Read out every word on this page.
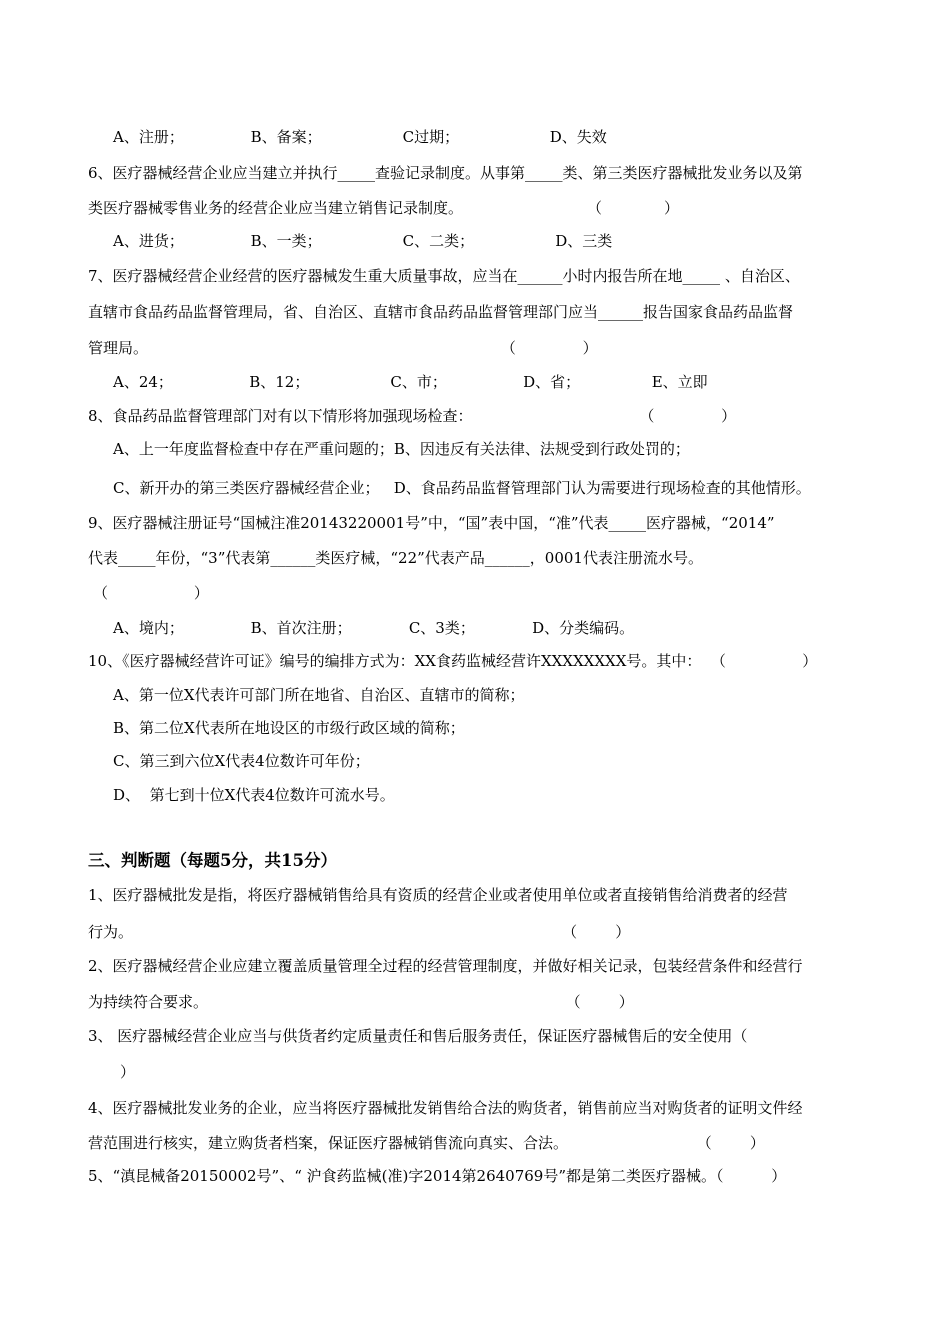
A、注册；              B、备案；                 C过期；                   D、失效
6、医疗器械经营企业应当建立并执行_____查验记录制度。从事第_____类、第三类医疗器械批发业务以及第
类医疗器械零售业务的经营企业应当建立销售记录制度。                          （             ）
A、进货；              B、一类；                 C、二类；                 D、三类
7、医疗器械经营企业经营的医疗器械发生重大质量事故，应当在______小时内报告所在地_____ 、自治区、
直辖市食品药品监督管理局，省、自治区、直辖市食品药品监督管理部门应当______报告国家食品药品监督
管理局。                                                                          （              ）
A、24；                B、12；                 C、市；                D、省；               E、立即
8、食品药品监督管理部门对有以下情形将加强现场检查：                                   （              ）
A、上一年度监督检查中存在严重问题的；B、因违反有关法律、法规受到行政处罚的；
C、新开办的第三类医疗器械经营企业；   D、食品药品监督管理部门认为需要进行现场检查的其他情形。
9、医疗器械注册证号“国械注准20143220001号”中，“国”表中国，“准”代表_____医疗器械，“2014”
代表_____年份，“3”代表第______类医疗械，“22”代表产品______，0001代表注册流水号。
（                  ）
A、境内；              B、首次注册；            C、3类；            D、分类编码。
10、《医疗器械经营许可证》编号的编排方式为：XX食药监械经营许XXXXXXXX号。其中：  （                ）
A、第一位X代表许可部门所在地省、自治区、直辖市的简称；
B、第二位X代表所在地设区的市级行政区域的简称；
C、第三到六位X代表4位数许可年份；
D、  第七到十位X代表4位数许可流水号。
三、判断题（每题5分，共15分）
1、医疗器械批发是指，将医疗器械销售给具有资质的经营企业或者使用单位或者直接销售给消费者的经营
行为。                                                                                          （        ）
2、医疗器械经营企业应建立覆盖质量管理全过程的经营管理制度，并做好相关记录，包装经营条件和经营行
为持续符合要求。                                                                           （        ）
3、 医疗器械经营企业应当与供货者约定质量责任和售后服务责任，保证医疗器械售后的安全使用（
）
4、医疗器械批发业务的企业，应当将医疗器械批发销售给合法的购货者，销售前应当对购货者的证明文件经
营范围进行核实，建立购货者档案，保证医疗器械销售流向真实、合法。                           （        ）
5、“滇昆械备20150002号”、“ 沪食药监械(准)字2014第2640769号”都是第二类医疗器械。（          ）
